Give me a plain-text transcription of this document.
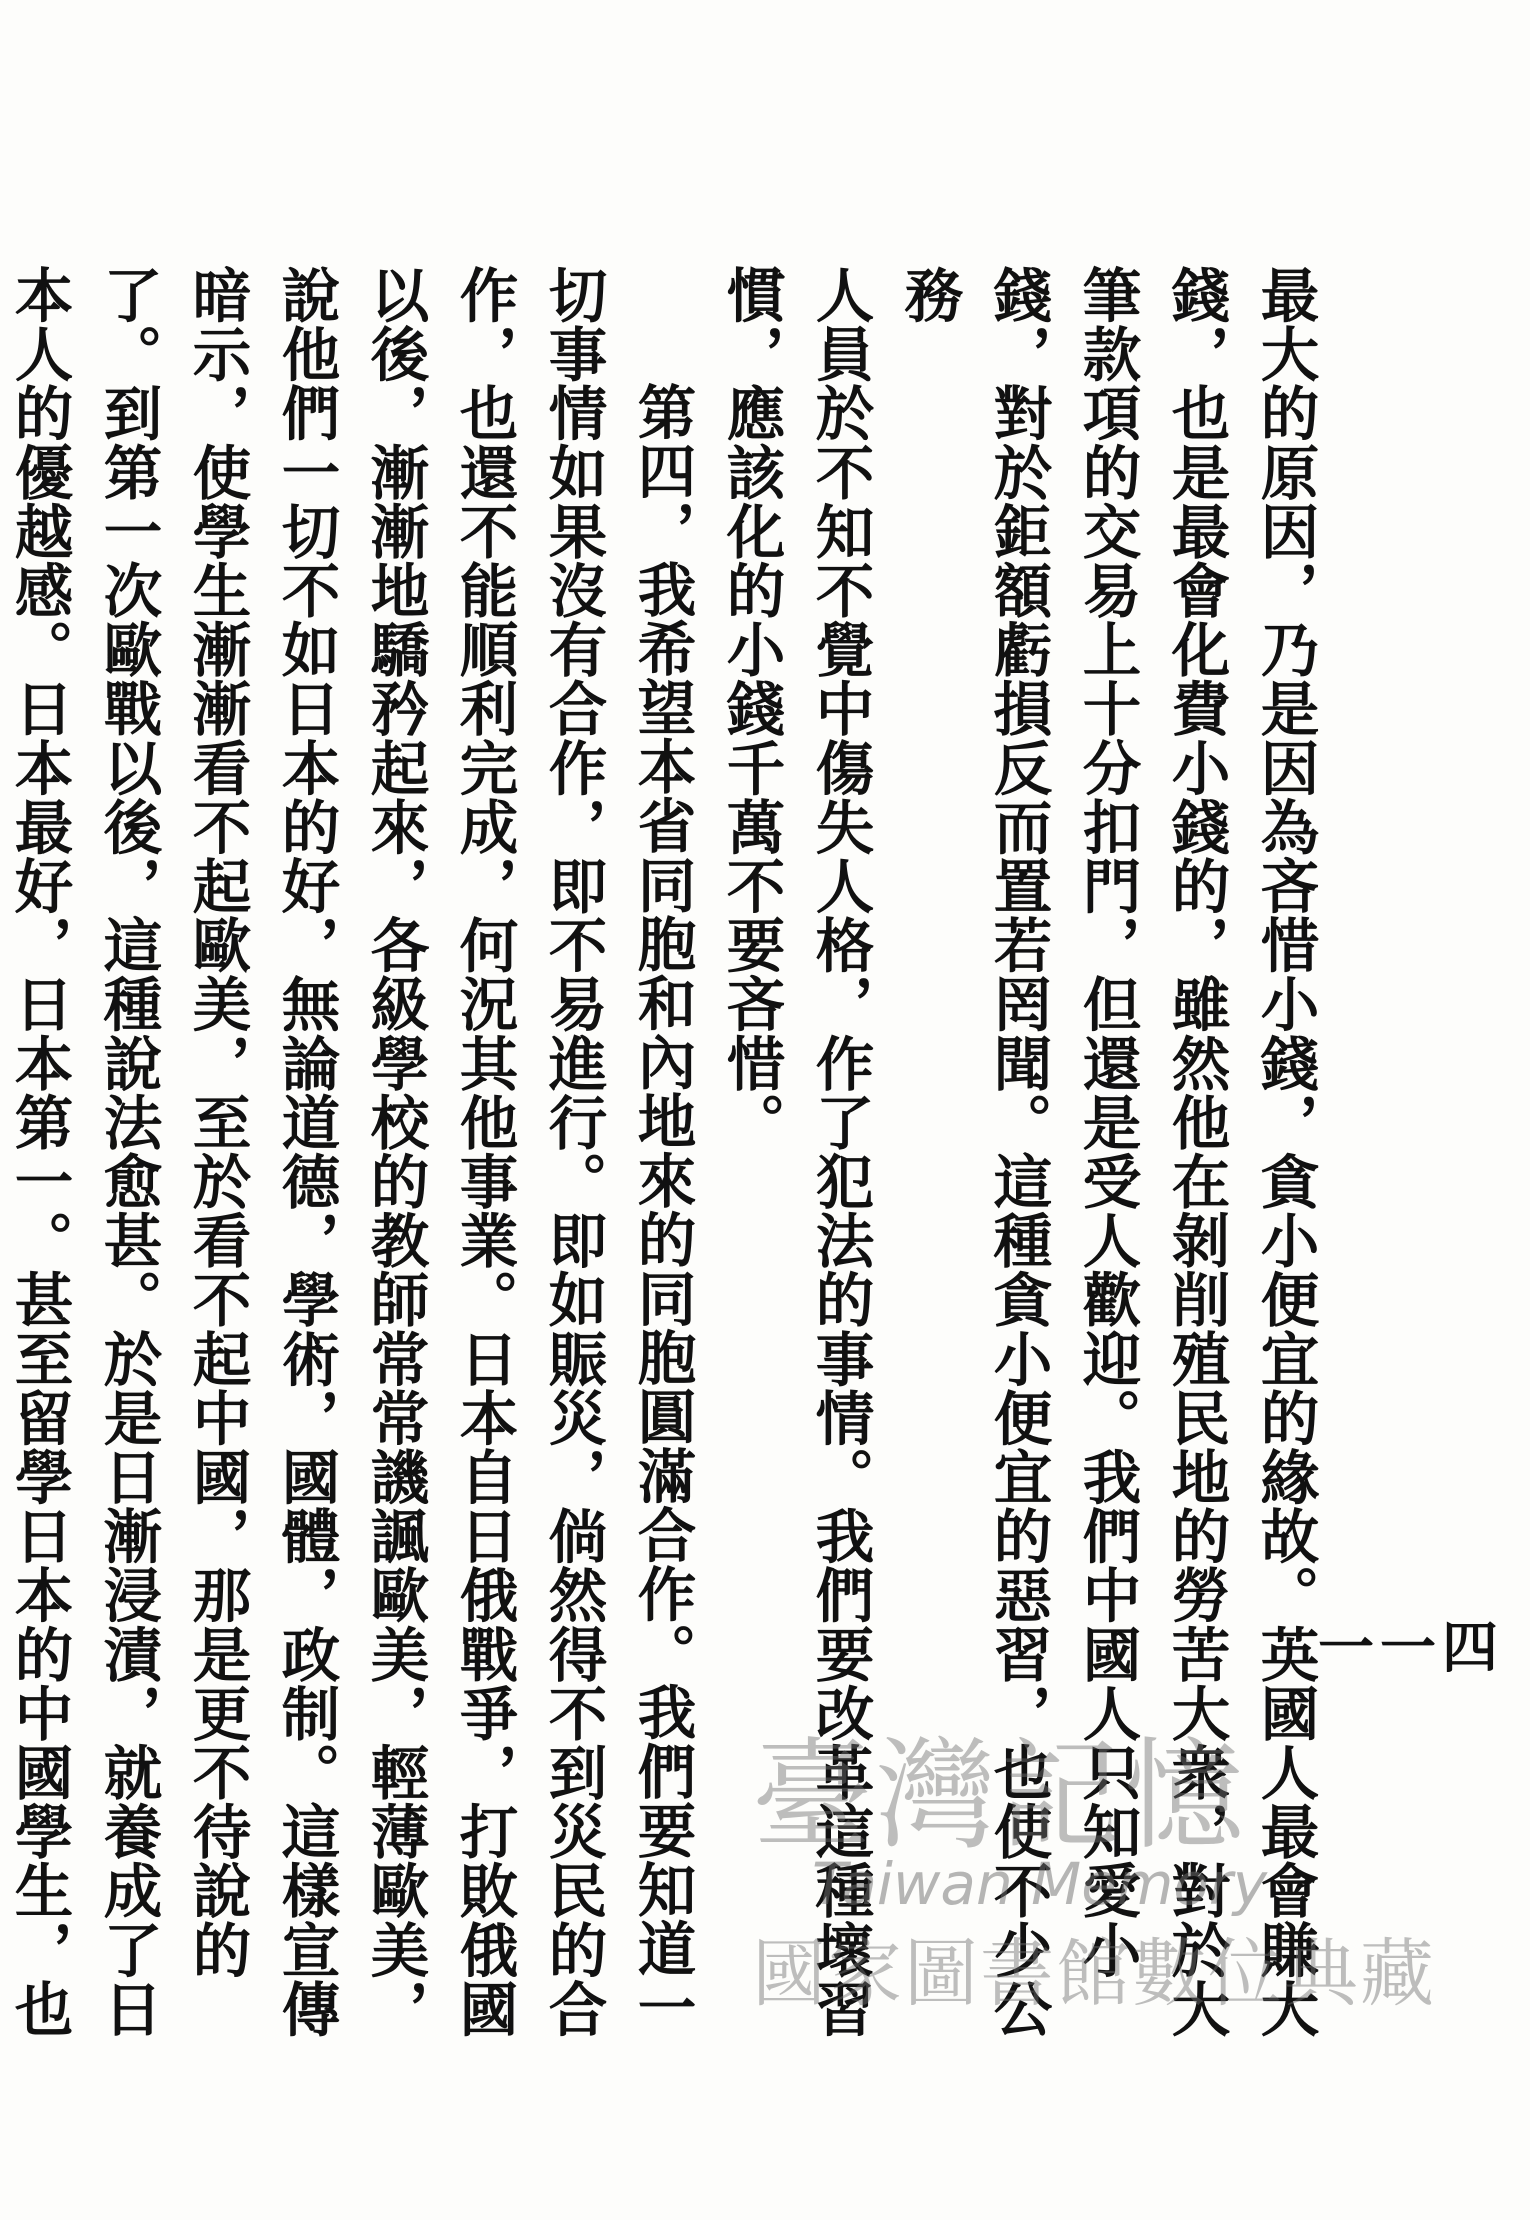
一一四

最大的原因，乃是因為吝惜小錢，貪小便宜的緣故。英國人最會賺大錢，也是最會化費小錢的，雖然他在剝削殖民地的勞苦大衆，對於大筆款項的交易上十分扣門，但還是受人歡迎。我們中國人只知愛小錢，對於鉅額虧損反而置若罔聞。這種貪小便宜的惡習，也使不少公務

人員於不知不覺中傷失人格，作了犯法的事情。我們要改革這種壞習慣，應該化的小錢千萬不要吝惜。

第四，我希望本省同胞和內地來的同胞圓滿合作。我們要知道一切事情如果沒有合作，即不易進行。即如賑災，倘然得不到災民的合作，也還不能順利完成，何況其他事業。日本自日俄戰爭，打敗俄國以後，漸漸地驕矜起來，各級學校的教師常常譏諷歐美，輕薄歐美，說他們一切不如日本的好，無論道德，學術，國體，政制。這樣宣傳暗示，使學生漸漸看不起歐美，至於看不起中國，那是更不待說的了。到第一次歐戰以後，這種說法愈甚。於是日漸浸漬，就養成了日本人的優越感。日本最好，日本第一。甚至留學日本的中國學生，也

臺灣記憶
Taiwan Memory
國家圖書館數位典藏
